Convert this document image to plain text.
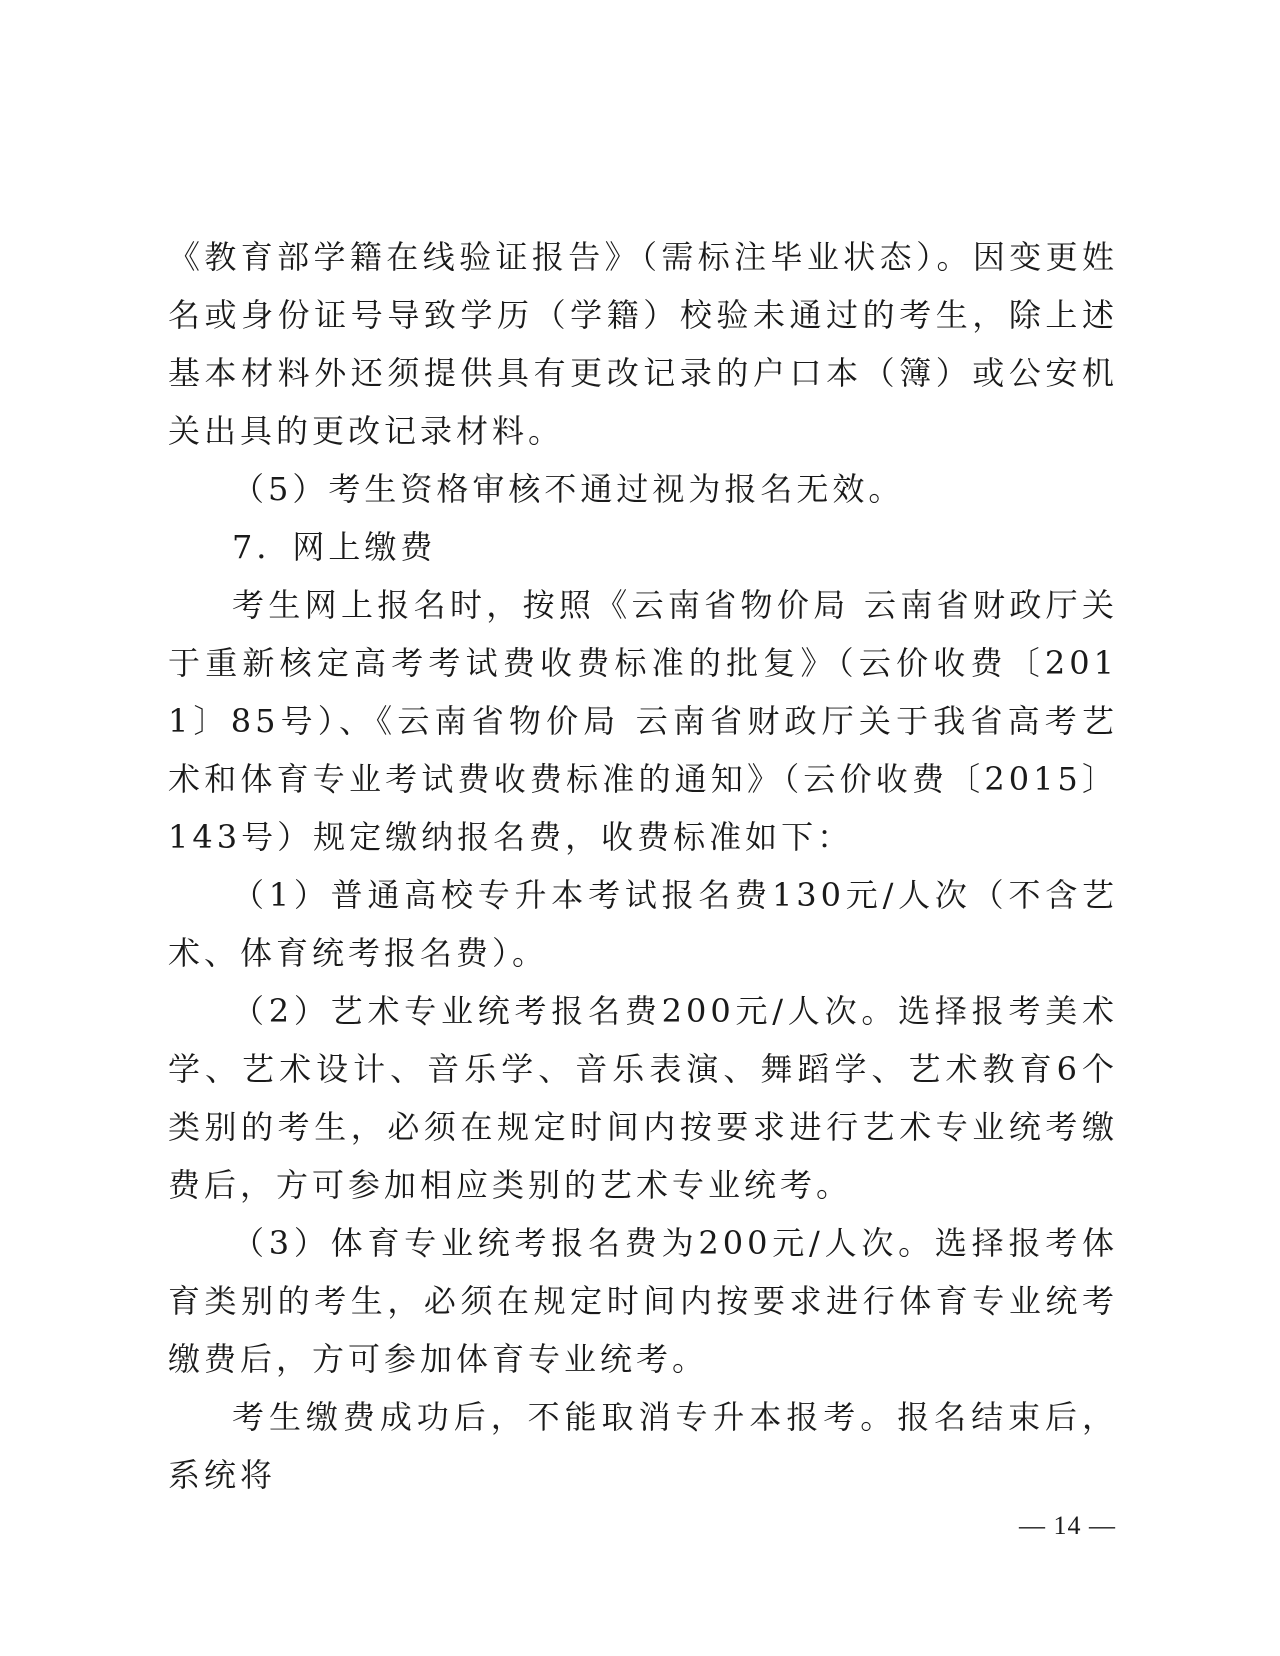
《教育部学籍在线验证报告》（需标注毕业状态）。因变更姓名或身份证号导致学历（学籍）校验未通过的考生，除上述基本材料外还须提供具有更改记录的户口本（簿）或公安机关出具的更改记录材料。

（5）考生资格审核不通过视为报名无效。

7．网上缴费

考生网上报名时，按照《云南省物价局 云南省财政厅关于重新核定高考考试费收费标准的批复》（云价收费〔2011〕85号）、《云南省物价局 云南省财政厅关于我省高考艺术和体育专业考试费收费标准的通知》（云价收费〔2015〕143号）规定缴纳报名费，收费标准如下：

（1）普通高校专升本考试报名费130元/人次（不含艺术、体育统考报名费）。

（2）艺术专业统考报名费200元/人次。选择报考美术学、艺术设计、音乐学、音乐表演、舞蹈学、艺术教育6个类别的考生，必须在规定时间内按要求进行艺术专业统考缴费后，方可参加相应类别的艺术专业统考。

（3）体育专业统考报名费为200元/人次。选择报考体育类别的考生，必须在规定时间内按要求进行体育专业统考缴费后，方可参加体育专业统考。

考生缴费成功后，不能取消专升本报考。报名结束后，系统将

— 14 —
